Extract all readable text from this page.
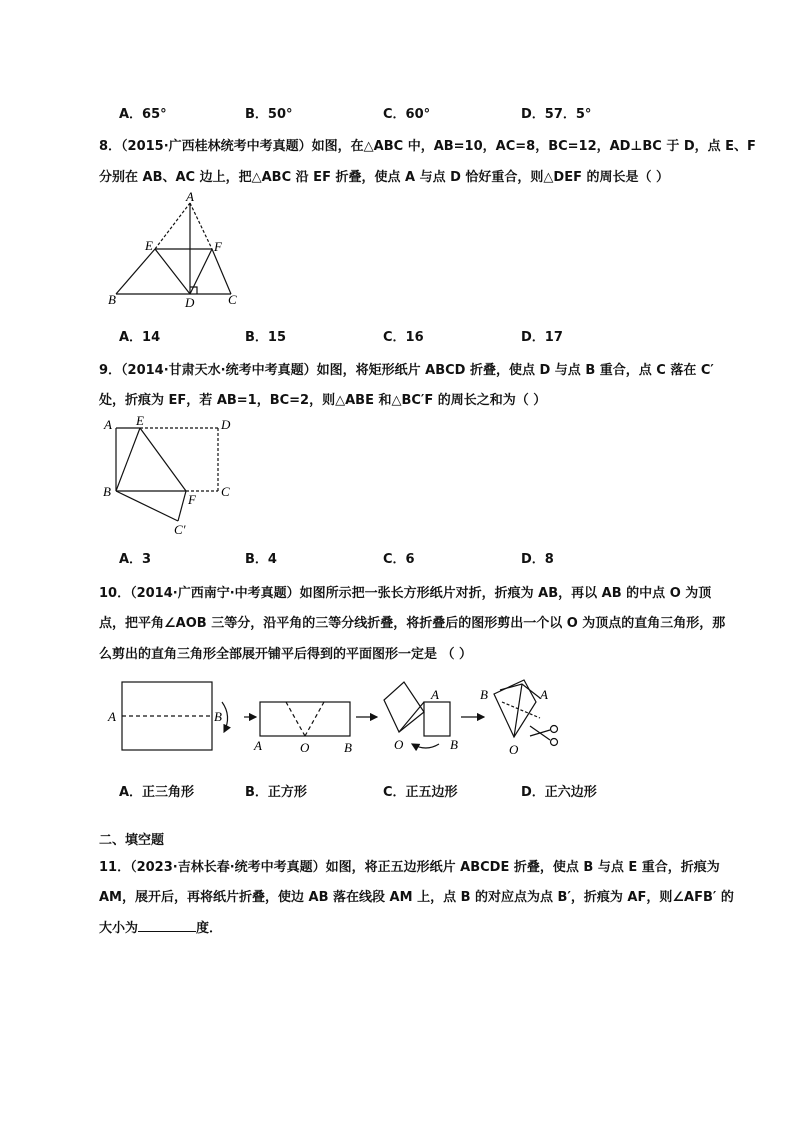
A．65°	B．50°	C．60°	D．57．5°
8．（2015·广西桂林统考中考真题）如图，在△ABC 中，AB=10，AC=8，BC=12，AD⊥BC 于 D，点 E、F
分别在 AB、AC 边上，把△ABC 沿 EF 折叠，使点 A 与点 D 恰好重合，则△DEF 的周长是（ ）
A
E	F
B	D	C
A．14	B．15	C．16	D．17
9．（2014·甘肃天水·统考中考真题）如图，将矩形纸片 ABCD 折叠，使点 D 与点 B 重合，点 C 落在 C′
处，折痕为 EF，若 AB=1，BC=2，则△ABE 和△BC′F 的周长之和为（ ）
A E	D
B
F
C
C′
A．3	B．4	C．6	D．8
10．（2014·广西南宁·中考真题）如图所示把一张长方形纸片对折，折痕为 AB，再以 AB 的中点 O 为顶
点，把平角∠AOB 三等分，沿平角的三等分线折叠，将折叠后的图形剪出一个以 O 为顶点的直角三角形，那
么剪出的直角三角形全部展开铺平后得到的平面图形一定是 （ ）
A	B
A	O	B
A
O	B
B	A
O
A．正三角形	B．正方形	C．正五边形	D．正六边形
二、填空题
11．（2023·吉林长春·统考中考真题）如图，将正五边形纸片 ABCDE 折叠，使点 B 与点 E 重合，折痕为
AM，展开后，再将纸片折叠，使边 AB 落在线段 AM 上，点 B 的对应点为点 B′，折痕为 AF，则∠AFB′ 的
大小为	度．
